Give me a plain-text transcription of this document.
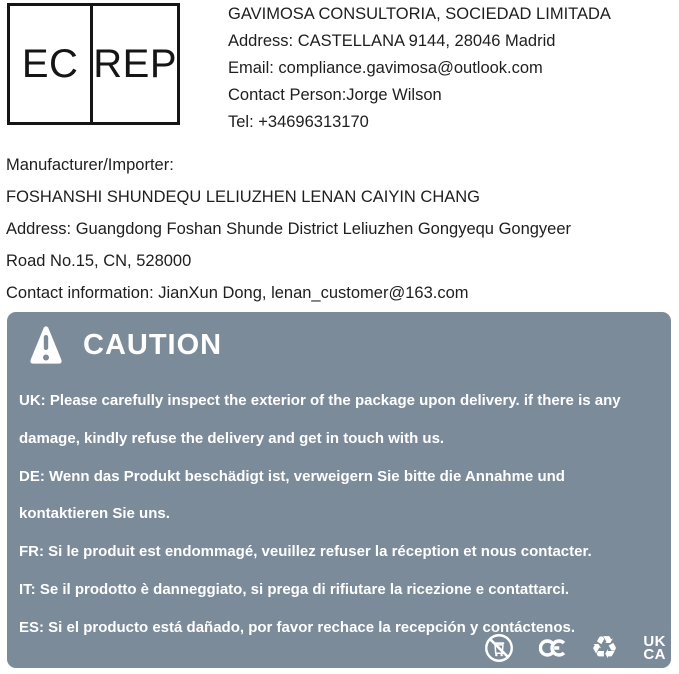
EC REP
GAVIMOSA CONSULTORIA, SOCIEDAD LIMITADA
Address: CASTELLANA 9144, 28046 Madrid
Email: compliance.gavimosa@outlook.com
Contact Person:Jorge Wilson
Tel: +34696313170
Manufacturer/Importer:
FOSHANSHI SHUNDEQU LELIUZHEN LENAN CAIYIN CHANG
Address: Guangdong Foshan Shunde District Leliuzhen Gongyequ Gongyeer
Road No.15, CN, 528000
Contact information: JianXun Dong, lenan_customer@163.com
CAUTION
UK: Please carefully inspect the exterior of the package upon delivery. if there is any
damage, kindly refuse the delivery and get in touch with us.
DE: Wenn das Produkt beschädigt ist, verweigern Sie bitte die Annahme und
kontaktieren Sie uns.
FR: Si le produit est endommagé, veuillez refuser la réception et nous contacter.
IT: Se il prodotto è danneggiato, si prega di rifiutare la ricezione e contattarci.
ES: Si el producto está dañado, por favor rechace la recepción y contáctenos.
♻ UK
CA
